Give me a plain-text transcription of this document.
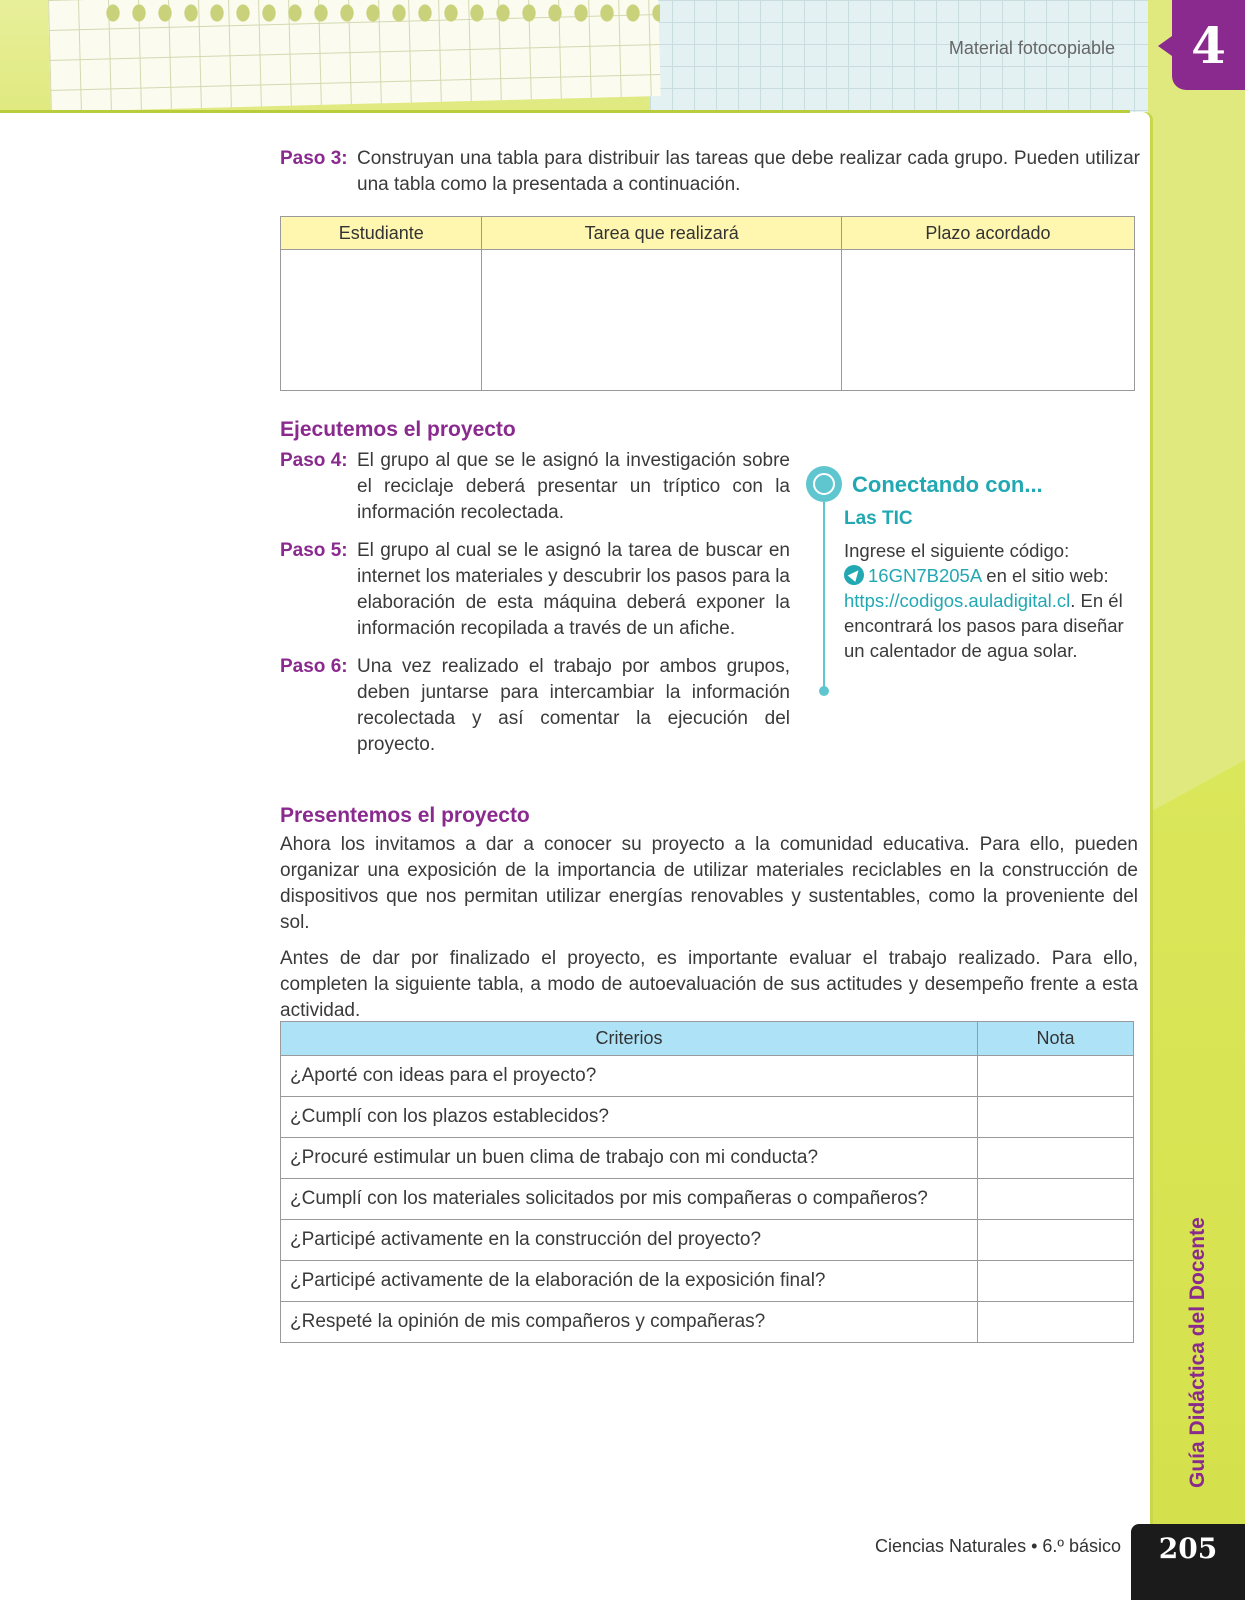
Material fotocopiable	4
Paso 3: Construyan una tabla para distribuir las tareas que debe realizar cada grupo. Pueden utilizar una tabla como la presentada a continuación.
Estudiante	Tarea que realizará	Plazo acordado

Ejecutemos el proyecto
Paso 4: El grupo al que se le asignó la investigación sobre el reciclaje deberá presentar un tríptico con la información recolectada.
Paso 5: El grupo al cual se le asignó la tarea de buscar en internet los materiales y descubrir los pasos para la elaboración de esta máquina deberá exponer la información recopilada a través de un afiche.
Paso 6: Una vez realizado el trabajo por ambos grupos, deben juntarse para intercambiar la información recolectada y así comentar la ejecución del proyecto.
Conectando con...
Las TIC
Ingrese el siguiente código:
16GN7B205A en el sitio web:
https://codigos.auladigital.cl. En él encontrará los pasos para diseñar un calentador de agua solar.
Presentemos el proyecto

Ahora los invitamos a dar a conocer su proyecto a la comunidad educativa. Para ello, pueden organizar una exposición de la importancia de utilizar materiales reciclables en la construcción de dispositivos que nos permitan utilizar energías renovables y sustentables, como la proveniente del sol.

Antes de dar por finalizado el proyecto, es importante evaluar el trabajo realizado. Para ello, completen la siguiente tabla, a modo de autoevaluación de sus actitudes y desempeño frente a esta actividad.

Criterios	Nota
¿Aporté con ideas para el proyecto?	
¿Cumplí con los plazos establecidos?	
¿Procuré estimular un buen clima de trabajo con mi conducta?	
¿Cumplí con los materiales solicitados por mis compañeras o compañeros?	
¿Participé activamente en la construcción del proyecto?	
¿Participé activamente de la elaboración de la exposición final?	
¿Respeté la opinión de mis compañeros y compañeras?		Guía Didáctica del Docente
Ciencias Naturales • 6.º básico	205
